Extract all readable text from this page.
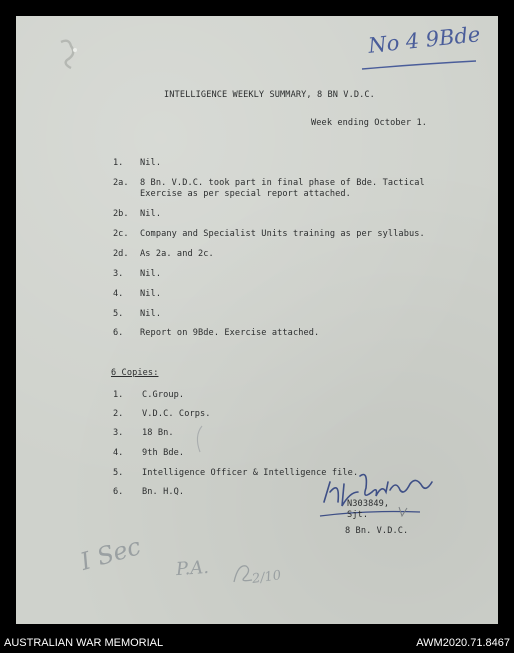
No 4 9Bde
INTELLIGENCE WEEKLY SUMMARY, 8 BN V.D.C.
Week ending October 1.
1. Nil.
2a. 8 Bn. V.D.C. took part in final phase of Bde. Tactical
Exercise as per special report attached.
2b. Nil.
2c. Company and Specialist Units training as per syllabus.
2d. As 2a. and 2c.
3. Nil.
4. Nil.
5. Nil.
6. Report on 9Bde. Exercise attached.
6 Copies:
1. C.Group.
2. V.D.C. Corps.
3. 18 Bn.
4. 9th Bde.
5. Intelligence Officer & Intelligence file.
6. Bn. H.Q.
N303849,
Sjt.
8 Bn. V.D.C.
I Sec P.A.	2/10
AUSTRALIAN WAR MEMORIAL	AWM2020.71.8467
